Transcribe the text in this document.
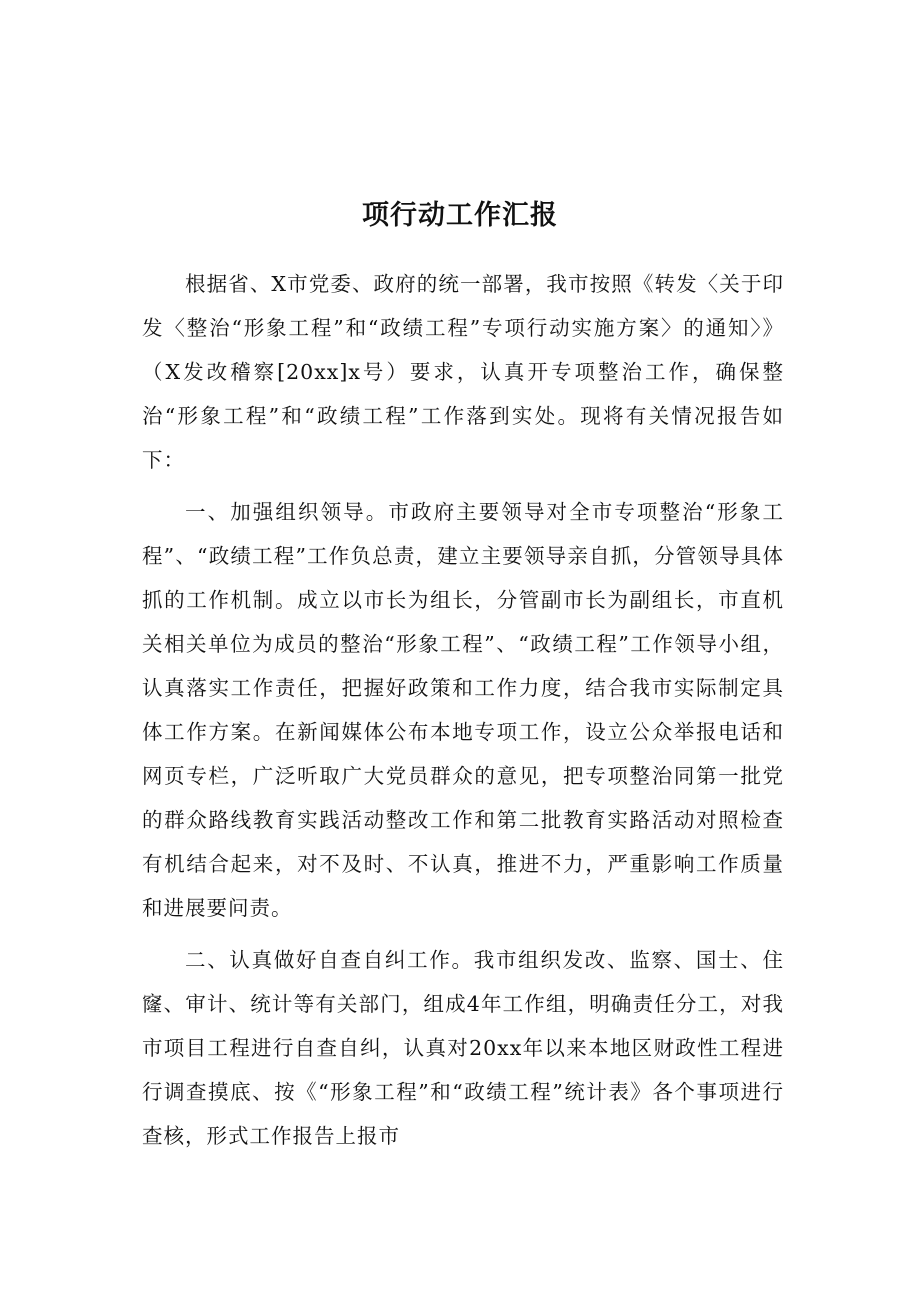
项行动工作汇报

根据省、X市党委、政府的统一部署，我市按照《转发〈关于印发〈整治“形象工程”和“政绩工程”专项行动实施方案〉的通知〉》（X发改稽察[20xx]x号）要求，认真开专项整治工作，确保整治“形象工程”和“政绩工程”工作落到实处。现将有关情况报告如下：

一、加强组织领导。市政府主要领导对全市专项整治“形象工程”、“政绩工程”工作负总责，建立主要领导亲自抓，分管领导具体抓的工作机制。成立以市长为组长，分管副市长为副组长，市直机关相关单位为成员的整治“形象工程”、“政绩工程”工作领导小组，认真落实工作责任，把握好政策和工作力度，结合我市实际制定具体工作方案。在新闻媒体公布本地专项工作，设立公众举报电话和网页专栏，广泛听取广大党员群众的意见，把专项整治同第一批党的群众路线教育实践活动整改工作和第二批教育实路活动对照检查有机结合起来，对不及时、不认真，推进不力，严重影响工作质量和进展要问责。

二、认真做好自查自纠工作。我市组织发改、监察、国士、住窿、审计、统计等有关部门，组成4年工作组，明确责任分工，对我市项目工程进行自查自纠，认真对20xx年以来本地区财政性工程进行调查摸底、按《“形象工程”和“政绩工程”统计表》各个事项进行查核，形式工作报告上报市
